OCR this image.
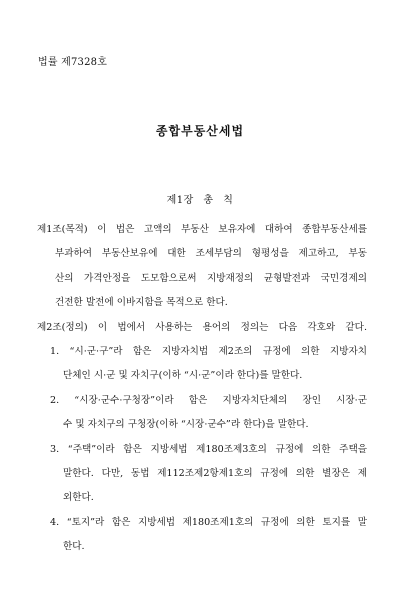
법률 제7328호
종합부동산세법
제1장 총 칙
제1조(목적) 이 법은 고액의 부동산 보유자에 대하여 종합부동산세를
부과하여 부동산보유에 대한 조세부담의 형평성을 제고하고, 부동
산의 가격안정을 도모함으로써 지방재정의 균형발전과 국민경제의
건전한 발전에 이바지함을 목적으로 한다.
제2조(정의) 이 법에서 사용하는 용어의 정의는 다음 각호와 같다.
1. “시·군·구”라 함은 지방자치법 제2조의 규정에 의한 지방자치
단체인 시·군 및 자치구(이하 “시·군”이라 한다)를 말한다.
2. “시장·군수·구청장”이라 함은 지방자치단체의 장인 시장·군
수 및 자치구의 구청장(이하 “시장·군수”라 한다)을 말한다.
3. “주택”이라 함은 지방세법 제180조제3호의 규정에 의한 주택을
말한다. 다만, 동법 제112조제2항제1호의 규정에 의한 별장은 제
외한다.
4. “토지”라 함은 지방세법 제180조제1호의 규정에 의한 토지를 말
한다.
